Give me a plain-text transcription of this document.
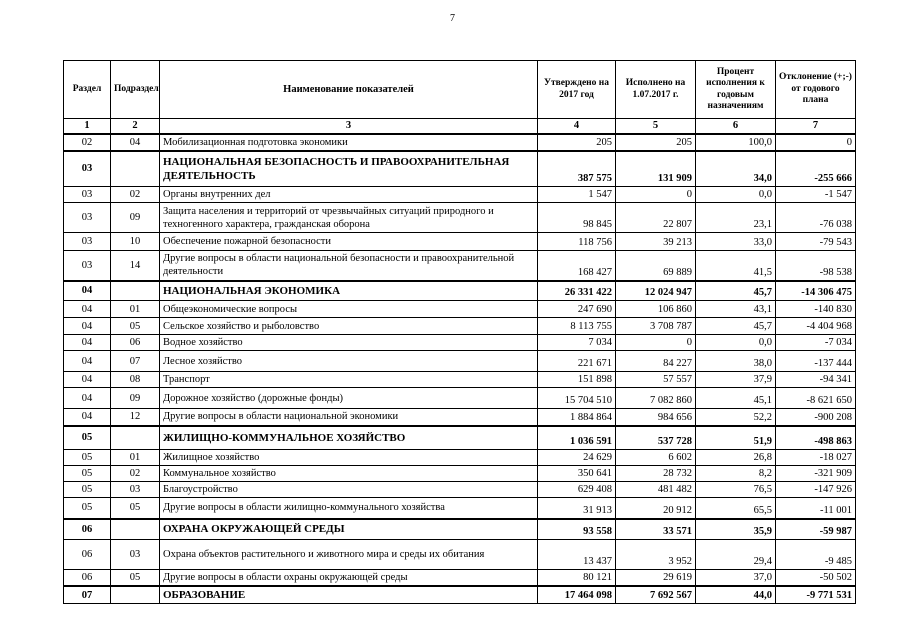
7
Раздел	Подраздел	Наименование показателей	Утверждено на 2017 год	Исполнено на 1.07.2017 г.	Процент исполнения к годовым назначениям	Отклонение (+;-) от годового плана
1	2	3	4	5	6	7
02	04	Мобилизационная подготовка экономики	205	205	100,0	0
03		НАЦИОНАЛЬНАЯ БЕЗОПАСНОСТЬ И ПРАВООХРАНИТЕЛЬНАЯ ДЕЯТЕЛЬНОСТЬ	387 575	131 909	34,0	-255 666
03	02	Органы внутренних дел	1 547	0	0,0	-1 547
03	09	Защита населения и территорий от чрезвычайных ситуаций природного и техногенного характера, гражданская оборона	98 845	22 807	23,1	-76 038
03	10	Обеспечение пожарной безопасности	118 756	39 213	33,0	-79 543
03	14	Другие вопросы в области национальной безопасности и правоохранительной деятельности	168 427	69 889	41,5	-98 538
04		НАЦИОНАЛЬНАЯ ЭКОНОМИКА	26 331 422	12 024 947	45,7	-14 306 475
04	01	Общеэкономические вопросы	247 690	106 860	43,1	-140 830
04	05	Сельское хозяйство и рыболовство	8 113 755	3 708 787	45,7	-4 404 968
04	06	Водное хозяйство	7 034	0	0,0	-7 034
04	07	Лесное хозяйство	221 671	84 227	38,0	-137 444
04	08	Транспорт	151 898	57 557	37,9	-94 341
04	09	Дорожное хозяйство (дорожные фонды)	15 704 510	7 082 860	45,1	-8 621 650
04	12	Другие вопросы в области национальной экономики	1 884 864	984 656	52,2	-900 208
05		ЖИЛИЩНО-КОММУНАЛЬНОЕ ХОЗЯЙСТВО	1 036 591	537 728	51,9	-498 863
05	01	Жилищное хозяйство	24 629	6 602	26,8	-18 027
05	02	Коммунальное хозяйство	350 641	28 732	8,2	-321 909
05	03	Благоустройство	629 408	481 482	76,5	-147 926
05	05	Другие вопросы в области жилищно-коммунального хозяйства	31 913	20 912	65,5	-11 001
06		ОХРАНА ОКРУЖАЮЩЕЙ СРЕДЫ	93 558	33 571	35,9	-59 987
06	03	Охрана объектов растительного и животного мира и среды их обитания	13 437	3 952	29,4	-9 485
06	05	Другие вопросы в области охраны окружающей среды	80 121	29 619	37,0	-50 502
07		ОБРАЗОВАНИЕ	17 464 098	7 692 567	44,0	-9 771 531
